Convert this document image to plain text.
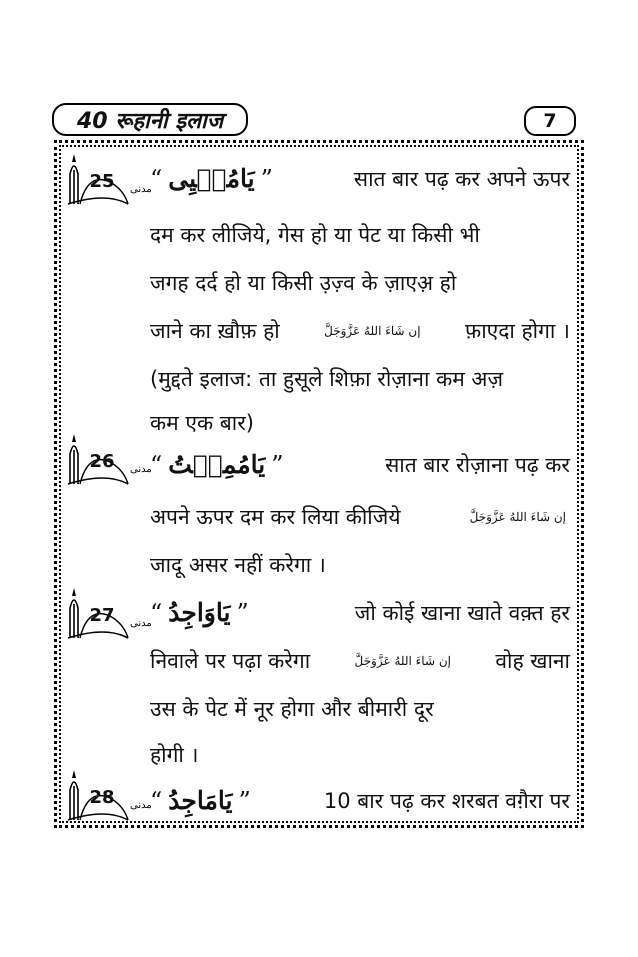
40 रूहानी इलाज	7
مدنی
25
مدنی
26
مدنی
27
مدنی
28
“ يَامُحۡيِی ”	सात बार पढ़ कर अपने ऊपर
दम कर लीजिये, गेस हो या पेट या किसी भी
जगह दर्द हो या किसी उ़ज़्व के ज़ाएअ़ हो
जाने का ख़ौफ़ हो	إن شَاءَ اللهُ عَزَّوَجَلَّ फ़ाएदा होगा ।
(मुद्दते इलाज: ता हुसूले शिफ़ा रोज़ाना कम अज़
कम एक बार)
“ يَامُمِيۡتُ ”	सात बार रोज़ाना पढ़ कर
अपने ऊपर दम कर लिया कीजिये	إن شَاءَ اللهُ عَزَّوَجَلَّ
जादू असर नहीं करेगा ।
“ يَاوَاجِدُ ”	जो कोई खाना खाते वक़्त हर
निवाले पर पढ़ा करेगा	إن شَاءَ اللهُ عَزَّوَجَلَّ वोह खाना
उस के पेट में नूर होगा और बीमारी दूर
होगी ।
“ يَامَاجِدُ ”	10 बार पढ़ कर शरबत वग़ैरा पर
